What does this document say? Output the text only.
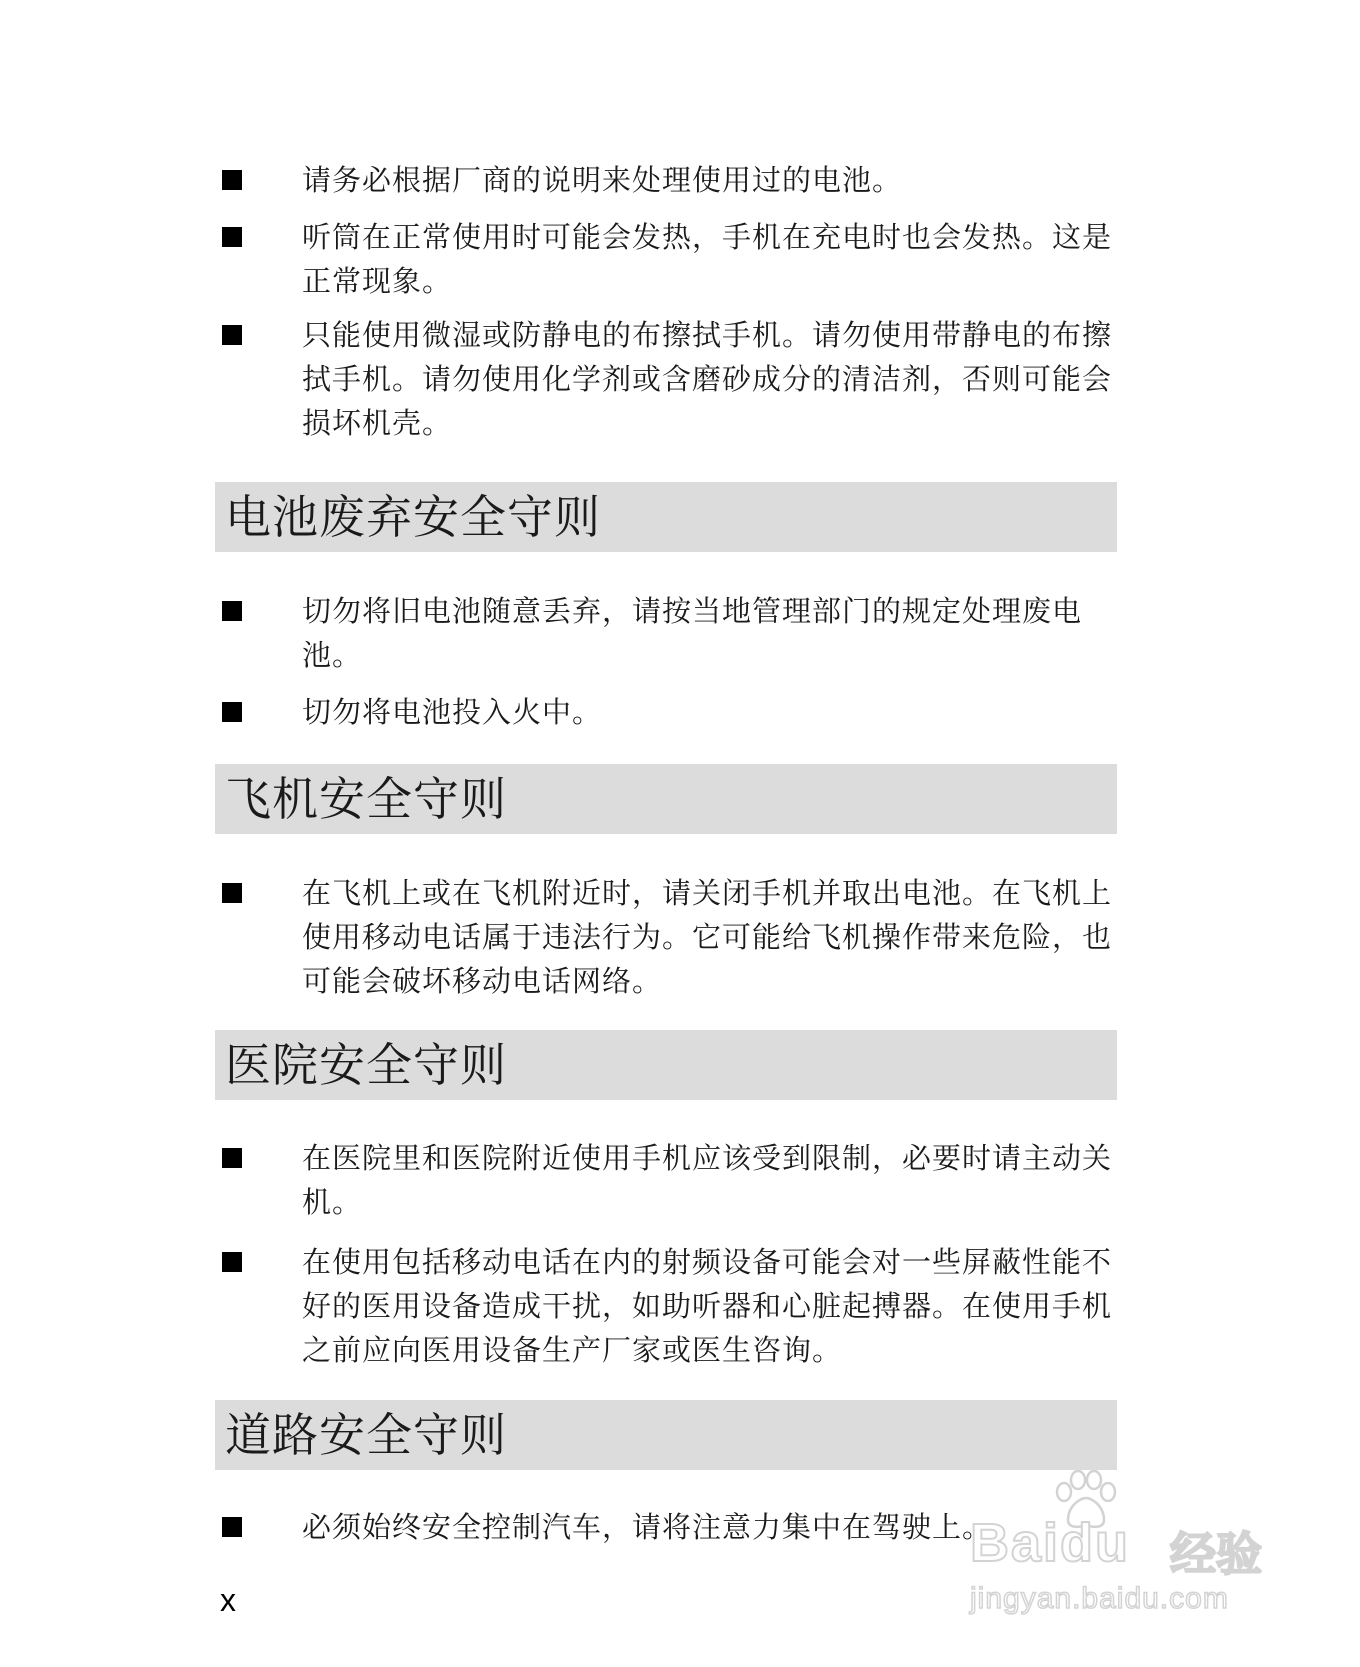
请务必根据厂商的说明来处理使用过的电池。
听筒在正常使用时可能会发热，手机在充电时也会发热。这是正常现象。
只能使用微湿或防静电的布擦拭手机。请勿使用带静电的布擦拭手机。请勿使用化学剂或含磨砂成分的清洁剂，否则可能会损坏机壳。
电池废弃安全守则
切勿将旧电池随意丢弃，请按当地管理部门的规定处理废电池。
切勿将电池投入火中。
飞机安全守则
在飞机上或在飞机附近时，请关闭手机并取出电池。在飞机上使用移动电话属于违法行为。它可能给飞机操作带来危险，也可能会破坏移动电话网络。
医院安全守则
在医院里和医院附近使用手机应该受到限制，必要时请主动关机。
在使用包括移动电话在内的射频设备可能会对一些屏蔽性能不好的医用设备造成干扰，如助听器和心脏起搏器。在使用手机之前应向医用设备生产厂家或医生咨询。
道路安全守则
必须始终安全控制汽车，请将注意力集中在驾驶上。
x
Baidu 经验
jingyan.baidu.com
